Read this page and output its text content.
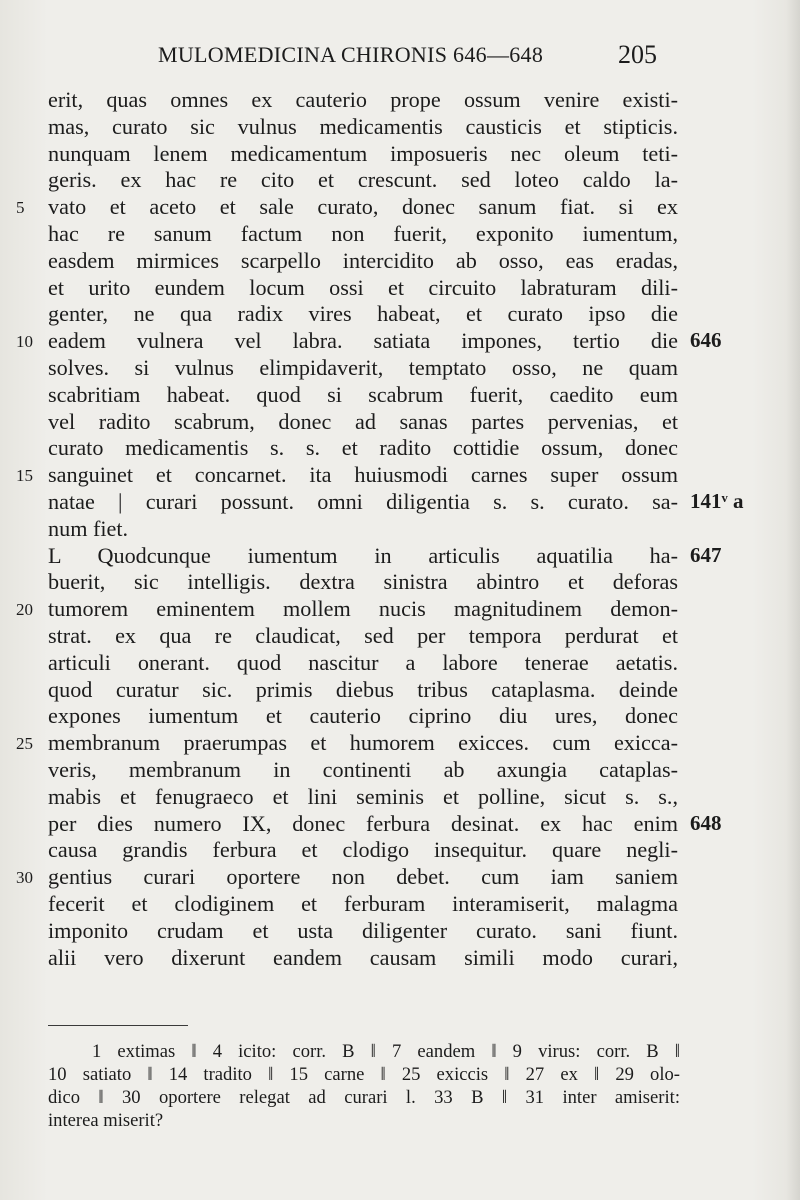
MULOMEDICINA CHIRONIS 646—648	205
erit, quas omnes ex cauterio prope ossum venire existi-
mas, curato sic vulnus medicamentis causticis et stipticis.
nunquam lenem medicamentum imposueris nec oleum teti-
geris. ex hac re cito et crescunt. sed loteo caldo la-
5	vato et aceto et sale curato, donec sanum fiat. si ex
hac re sanum factum non fuerit, exponito iumentum,
easdem mirmices scarpello intercidito ab osso, eas eradas,
et urito eundem locum ossi et circuito labraturam dili-
genter, ne qua radix vires habeat, et curato ipso die
10 eadem vulnera vel labra. satiata impones, tertio die 646
solves. si vulnus elimpidaverit, temptato osso, ne quam
scabritiam habeat. quod si scabrum fuerit, caedito eum
vel radito scabrum, donec ad sanas partes pervenias, et
curato medicamentis s. s. et radito cottidie ossum, donec
15 sanguinet et concarnet. ita huiusmodi carnes super ossum
natae | curari possunt. omni diligentia s. s. curato. sa- 141ᵛ a
num fiet.
L Quodcunque iumentum in articulis aquatilia ha- 647
buerit, sic intelligis. dextra sinistra abintro et deforas
20 tumorem eminentem mollem nucis magnitudinem demon-
strat. ex qua re claudicat, sed per tempora perdurat et
articuli onerant. quod nascitur a labore tenerae aetatis.
quod curatur sic. primis diebus tribus cataplasma. deinde
expones iumentum et cauterio ciprino diu ures, donec
25 membranum praerumpas et humorem exicces. cum exicca-
veris, membranum in continenti ab axungia cataplas-
mabis et fenugraeco et lini seminis et polline, sicut s. s.,
per dies numero IX, donec ferbura desinat. ex hac enim 648
causa grandis ferbura et clodigo insequitur. quare negli-
30 gentius curari oportere non debet. cum iam saniem
fecerit et clodiginem et ferburam interamiserit, malagma
imponito crudam et usta diligenter curato. sani fiunt.
alii vero dixerunt eandem causam simili modo curari,
1 extimas ‖ 4 icito: corr. B ‖ 7 eandem ‖ 9 virus: corr. B ‖
10 satiato ‖ 14 tradito ‖ 15 carne ‖ 25 exiccis ‖ 27 ex ‖ 29 olo-
dico ‖ 30 oportere relegat ad curari l. 33 B ‖ 31 inter amiserit:
interea miserit?
